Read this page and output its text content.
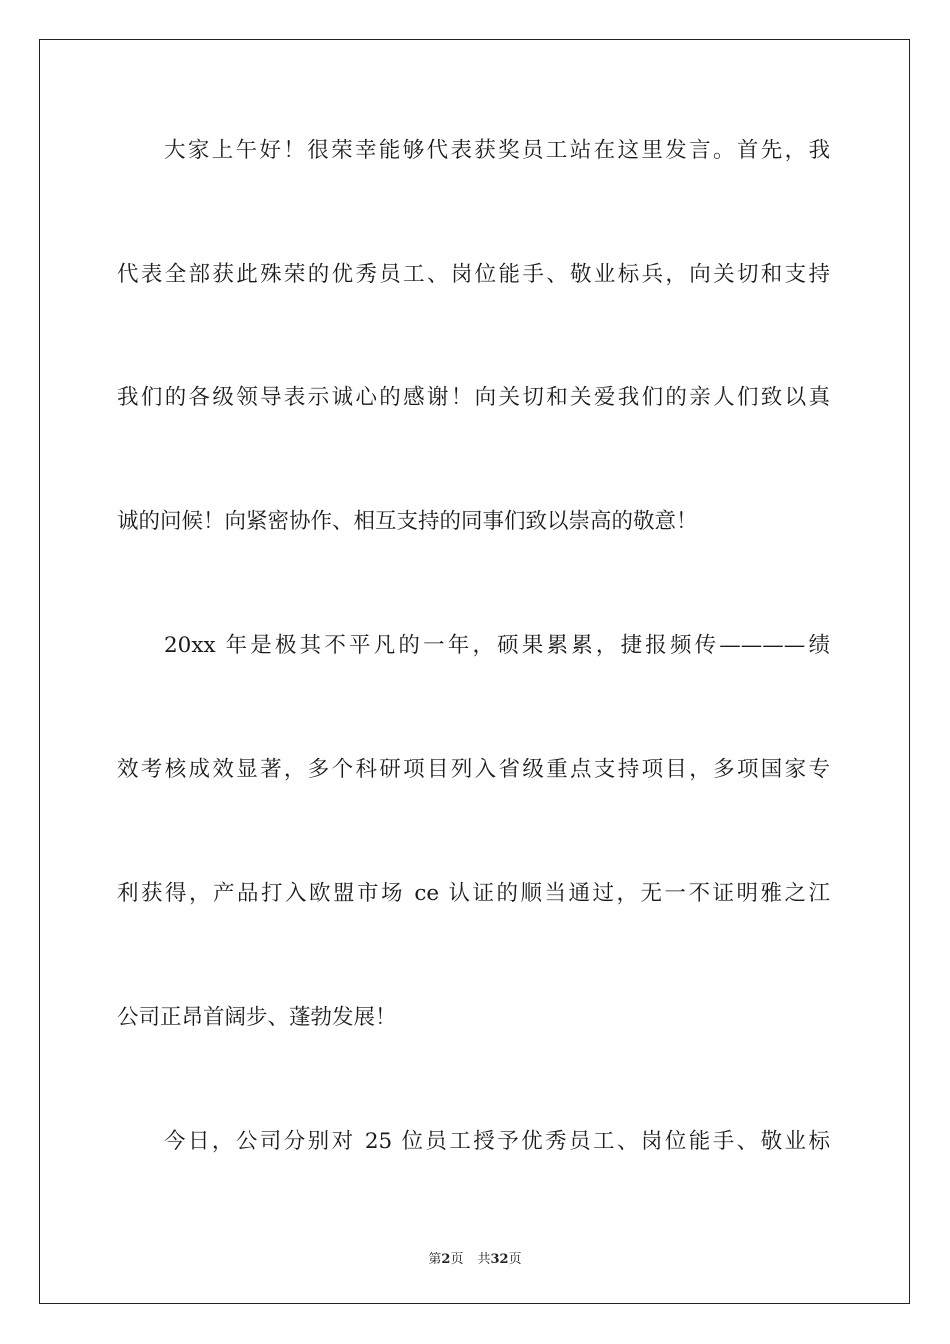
大家上午好！很荣幸能够代表获奖员工站在这里发言。首先，我
代表全部获此殊荣的优秀员工、岗位能手、敬业标兵，向关切和支持
我们的各级领导表示诚心的感谢！向关切和关爱我们的亲人们致以真
诚的问候！向紧密协作、相互支持的同事们致以崇高的敬意！
20xx 年是极其不平凡的一年，硕果累累，捷报频传————绩
效考核成效显著，多个科研项目列入省级重点支持项目，多项国家专
利获得，产品打入欧盟市场 ce 认证的顺当通过，无一不证明雅之江
公司正昂首阔步、蓬勃发展！
今日，公司分别对 25 位员工授予优秀员工、岗位能手、敬业标
第2页 共32页
